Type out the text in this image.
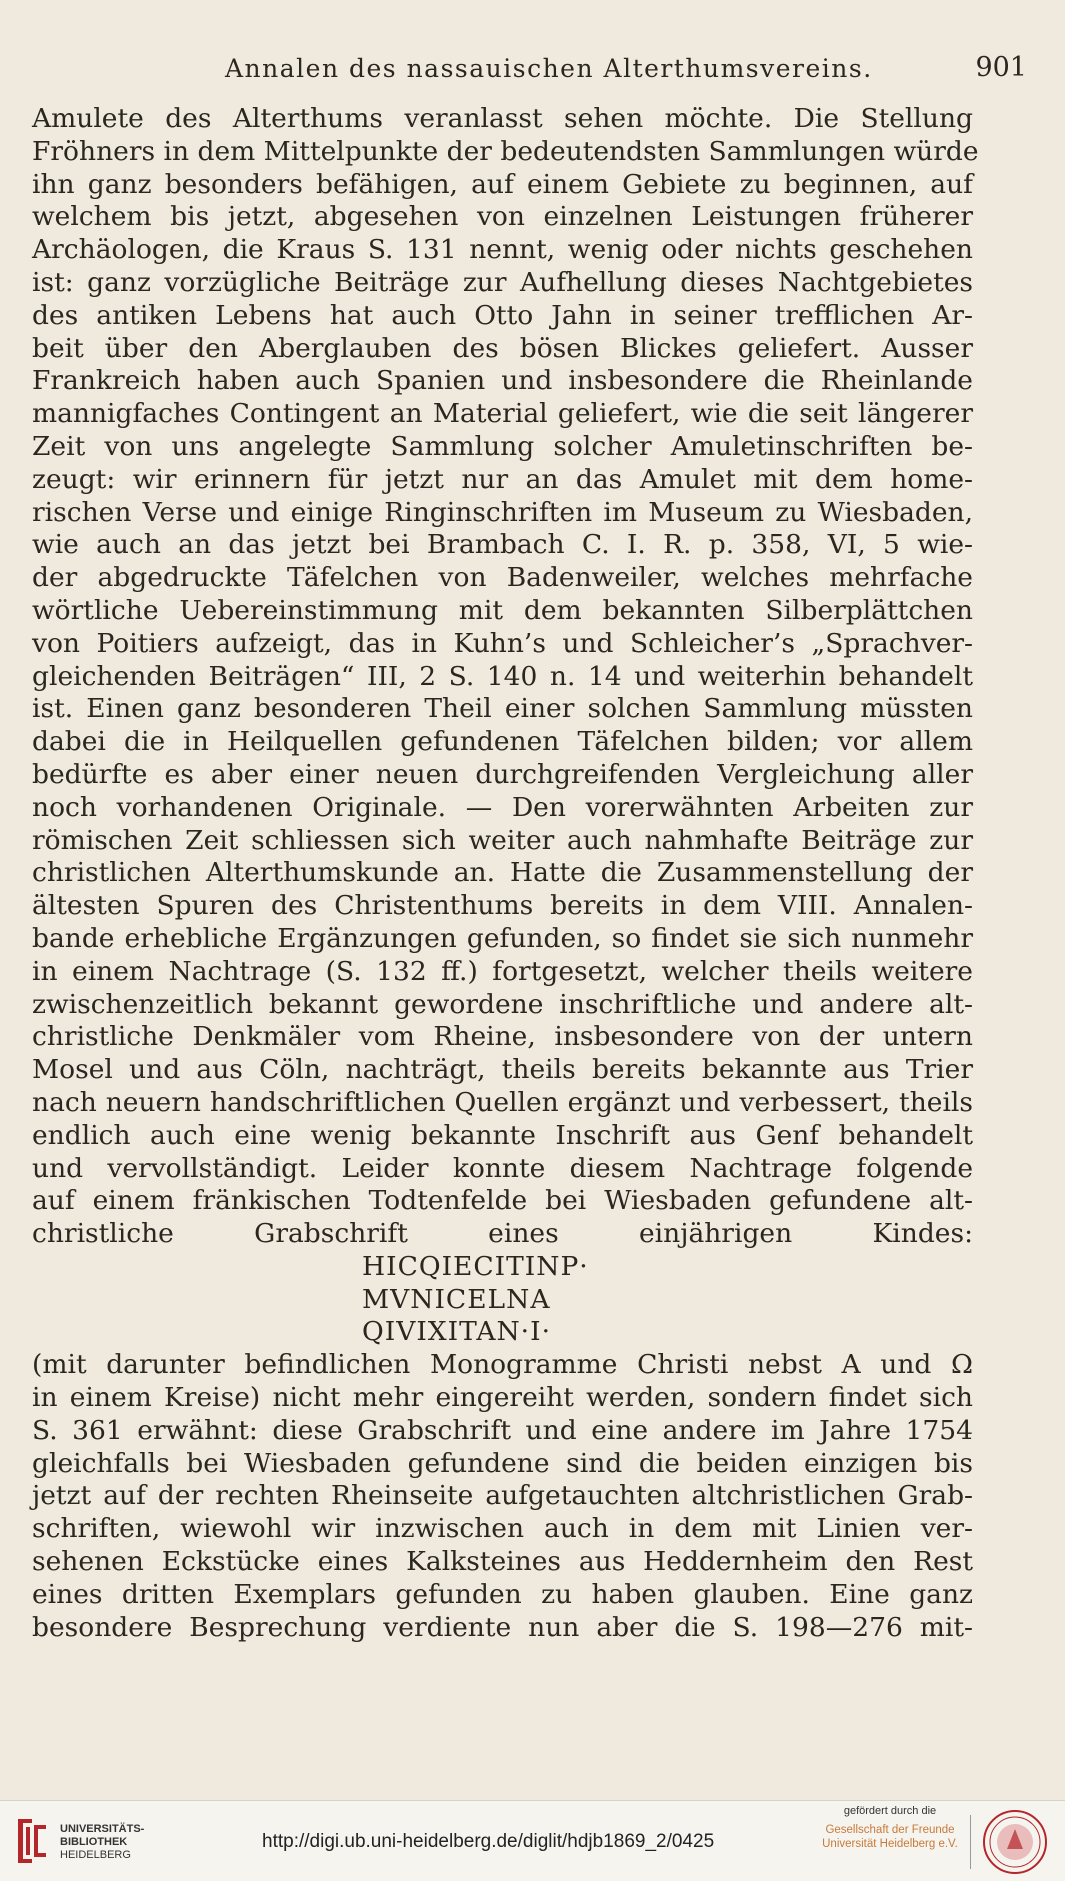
Annalen des nassauischen Alterthumsvereins.	901
Amulete des Alterthums veranlasst sehen möchte. Die Stellung
Fröhners in dem Mittelpunkte der bedeutendsten Sammlungen würde
ihn ganz besonders befähigen, auf einem Gebiete zu beginnen, auf
welchem bis jetzt, abgesehen von einzelnen Leistungen früherer
Archäologen, die Kraus S. 131 nennt, wenig oder nichts geschehen
ist: ganz vorzügliche Beiträge zur Aufhellung dieses Nachtgebietes
des antiken Lebens hat auch Otto Jahn in seiner trefflichen Ar-
beit über den Aberglauben des bösen Blickes geliefert. Ausser
Frankreich haben auch Spanien und insbesondere die Rheinlande
mannigfaches Contingent an Material geliefert, wie die seit längerer
Zeit von uns angelegte Sammlung solcher Amuletinschriften be-
zeugt: wir erinnern für jetzt nur an das Amulet mit dem home-
rischen Verse und einige Ringinschriften im Museum zu Wiesbaden,
wie auch an das jetzt bei Brambach C. I. R. p. 358, VI, 5 wie-
der abgedruckte Täfelchen von Badenweiler, welches mehrfache
wörtliche Uebereinstimmung mit dem bekannten Silberplättchen
von Poitiers aufzeigt, das in Kuhn’s und Schleicher’s „Sprachver-
gleichenden Beiträgen“ III, 2 S. 140 n. 14 und weiterhin behandelt
ist. Einen ganz besonderen Theil einer solchen Sammlung müssten
dabei die in Heilquellen gefundenen Täfelchen bilden; vor allem
bedürfte es aber einer neuen durchgreifenden Vergleichung aller
noch vorhandenen Originale. — Den vorerwähnten Arbeiten zur
römischen Zeit schliessen sich weiter auch nahmhafte Beiträge zur
christlichen Alterthumskunde an. Hatte die Zusammenstellung der
ältesten Spuren des Christenthums bereits in dem VIII. Annalen-
bande erhebliche Ergänzungen gefunden, so findet sie sich nunmehr
in einem Nachtrage (S. 132 ff.) fortgesetzt, welcher theils weitere
zwischenzeitlich bekannt gewordene inschriftliche und andere alt-
christliche Denkmäler vom Rheine, insbesondere von der untern
Mosel und aus Cöln, nachträgt, theils bereits bekannte aus Trier
nach neuern handschriftlichen Quellen ergänzt und verbessert, theils
endlich auch eine wenig bekannte Inschrift aus Genf behandelt
und vervollständigt. Leider konnte diesem Nachtrage folgende
auf einem fränkischen Todtenfelde bei Wiesbaden gefundene alt-
christliche Grabschrift eines einjährigen Kindes:
HICQIECITINP·
MVNICELNA
QIVIXITAN·I·
(mit darunter befindlichen Monogramme Christi nebst A und Ω
in einem Kreise) nicht mehr eingereiht werden, sondern findet sich
S. 361 erwähnt: diese Grabschrift und eine andere im Jahre 1754
gleichfalls bei Wiesbaden gefundene sind die beiden einzigen bis
jetzt auf der rechten Rheinseite aufgetauchten altchristlichen Grab-
schriften, wiewohl wir inzwischen auch in dem mit Linien ver-
sehenen Eckstücke eines Kalksteines aus Heddernheim den Rest
eines dritten Exemplars gefunden zu haben glauben. Eine ganz
besondere Besprechung verdiente nun aber die S. 198—276 mit-
UNIVERSITÄTS-
BIBLIOTHEK
HEIDELBERG
http://digi.ub.uni-heidelberg.de/diglit/hdjb1869_2/0425
gefördert durch die
Gesellschaft der Freunde
Universität Heidelberg e.V.
